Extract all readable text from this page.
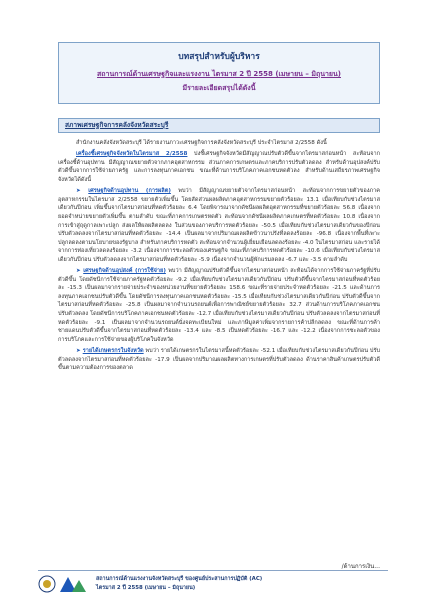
บทสรุปสำหรับผู้บริหาร
สถานการณ์ด้านเศรษฐกิจและแรงงาน ไตรมาส 2 ปี 2558 (เมษายน – มิถุนายน)
มีรายละเอียดสรุปได้ดังนี้
สภาพเศรษฐกิจการคลังจังหวัดสระบุรี

สำนักงานคลังจังหวัดสระบุรี ได้รายงานภาวะเศรษฐกิจการคลังจังหวัดสระบุรี ประจำไตรมาส 2/2558 ดังนี้

เครื่องชี้เศรษฐกิจจังหวัดในไตรมาส 2/2558 บ่งชี้เศรษฐกิจจังหวัดมีสัญญาณปรับตัวดีขึ้นจากไตรมาสก่อนหน้า สะท้อนจากเครื่องชี้ด้านอุปทาน มีสัญญาณขยายตัวจากภาคอุตสาหกรรม ส่วนภาคการเกษตรและภาคบริการปรับตัวลดลง สำหรับด้านอุปสงค์ปรับตัวดีขึ้นจากการใช้จ่ายภาครัฐ และการลงทุนภาคเอกชน ขณะที่ด้านการบริโภคภาคเอกชนหดตัวลง สำหรับด้านเสถียรภาพเศรษฐกิจจังหวัดได้ดังนี้

➤ เศรษฐกิจด้านอุปทาน (การผลิต) พบว่า มีสัญญาณขยายตัวจากไตรมาสก่อนหน้า สะท้อนจากการขยายตัวของภาคอุตสาหกรรมในไตรมาส 2/2558 ขยายตัวเพิ่มขึ้น โดยสัดส่วนผลผลิตภาคอุตสาหกรรมขยายตัวร้อยละ 13.1 เมื่อเทียบกับช่วงไตรมาสเดียวกันปีก่อน เพิ่มขึ้นจากไตรมาสก่อนที่หดตัวร้อยละ 6.4 โดยพิจารณาจากดัชนีผลผลิตอุตสาหกรรมที่ขยายตัวร้อยละ 56.8 เนื่องจากยอดจำหน่ายขยายตัวเพิ่มขึ้น ตามลำดับ ขณะที่ภาคการเกษตรหดตัว สะท้อนจากดัชนีผลผลิตภาคเกษตรที่หดตัวร้อยละ 10.8 เนื่องจากการเข้าสู่ฤดูกาลเพาะปลูก ส่งผลให้ผลผลิตลดลง ในส่วนของภาคบริการหดตัวร้อยละ -50.5 เมื่อเทียบกับช่วงไตรมาสเดียวกันของปีก่อน ปรับตัวลดลงจากไตรมาสก่อนที่หดตัวร้อยละ -14.4 เป็นผลมาจากปริมาณผลผลิตข้าวนาปรังที่ลดลงร้อยละ -96.8 เนื่องจากพื้นที่เพาะปลูกลดลงตามนโยบายของรัฐบาล สำหรับภาคบริการหดตัว สะท้อนจากจำนวนผู้เยี่ยมเยือนลดลงร้อยละ -4.0 ในไตรมาสก่อน และรายได้จากการท่องเที่ยวลดลงร้อยละ -3.2 เนื่องจากการชะลอตัวของเศรษฐกิจ ขณะที่ภาคบริการหดตัวร้อยละ -10.6 เมื่อเทียบกับช่วงไตรมาสเดียวกันปีก่อน ปรับตัวลดลงจากไตรมาสก่อนที่หดตัวร้อยละ -5.9 เนื่องจากจำนวนผู้พักแรมลดลง -6.7 และ -3.5 ตามลำดับ

➤ เศรษฐกิจด้านอุปสงค์ (การใช้จ่าย) พบว่า มีสัญญาณปรับตัวดีขึ้นจากไตรมาสก่อนหน้า สะท้อนได้จากการใช้จ่ายภาครัฐที่ปรับตัวดีขึ้น โดยดัชนีการใช้จ่ายภาครัฐหดตัวร้อยละ -9.2 เมื่อเทียบกับช่วงไตรมาสเดียวกันปีก่อน ปรับตัวดีขึ้นจากไตรมาสก่อนที่หดตัวร้อยละ -15.3 เป็นผลมาจากรายจ่ายประจำของหน่วยงานที่ขยายตัวร้อยละ 158.6 ขณะที่รายจ่ายประจำหดตัวร้อยละ -21.5 และด้านการลงทุนภาคเอกชนปรับตัวดีขึ้น โดยดัชนีการลงทุนภาคเอกชนหดตัวร้อยละ -15.5 เมื่อเทียบกับช่วงไตรมาสเดียวกันปีก่อน ปรับตัวดีขึ้นจากไตรมาสก่อนที่หดตัวร้อยละ -25.8 เป็นผลมาจากจำนวนรถยนต์เพื่อการพาณิชย์ขยายตัวร้อยละ 32.7 ส่วนด้านการบริโภคภาคเอกชนปรับตัวลดลง โดยดัชนีการบริโภคภาคเอกชนหดตัวร้อยละ -12.7 เมื่อเทียบกับช่วงไตรมาสเดียวกันปีก่อน ปรับตัวลดลงจากไตรมาสก่อนที่หดตัวร้อยละ -9.1 เป็นผลมาจากจำนวนรถยนต์นั่งจดทะเบียนใหม่ และภาษีมูลค่าเพิ่มจากรายการค้าปลีกลดลง ขณะที่ด้านการค้าชายแดนปรับตัวดีขึ้นจากไตรมาสก่อนที่หดตัวร้อยละ -13.4 และ -8.5 เป็นหดตัวร้อยละ -16.7 และ -12.2 เนื่องจากการชะลอตัวของการบริโภคและการใช้จ่ายของผู้บริโภคในจังหวัด

➤ รายได้เกษตรกรในจังหวัด พบว่า รายได้เกษตรกรในไตรมาสนี้หดตัวร้อยละ -52.1 เมื่อเทียบกับช่วงไตรมาสเดียวกันปีก่อน ปรับตัวลดลงจากไตรมาสก่อนที่หดตัวร้อยละ -17.9 เป็นผลจากปริมาณผลผลิตทางการเกษตรที่ปรับตัวลดลง ด้านราคาสินค้าเกษตรปรับตัวดีขึ้นตามความต้องการของตลาด

/ด้านการเงิน...
สถานการณ์ด้านแรงงานจังหวัดสระบุรี ของศูนย์ประสานการปฏิบัติ (AC)
ไตรมาส 2 ปี 2558 (เมษายน – มิถุนายน)
